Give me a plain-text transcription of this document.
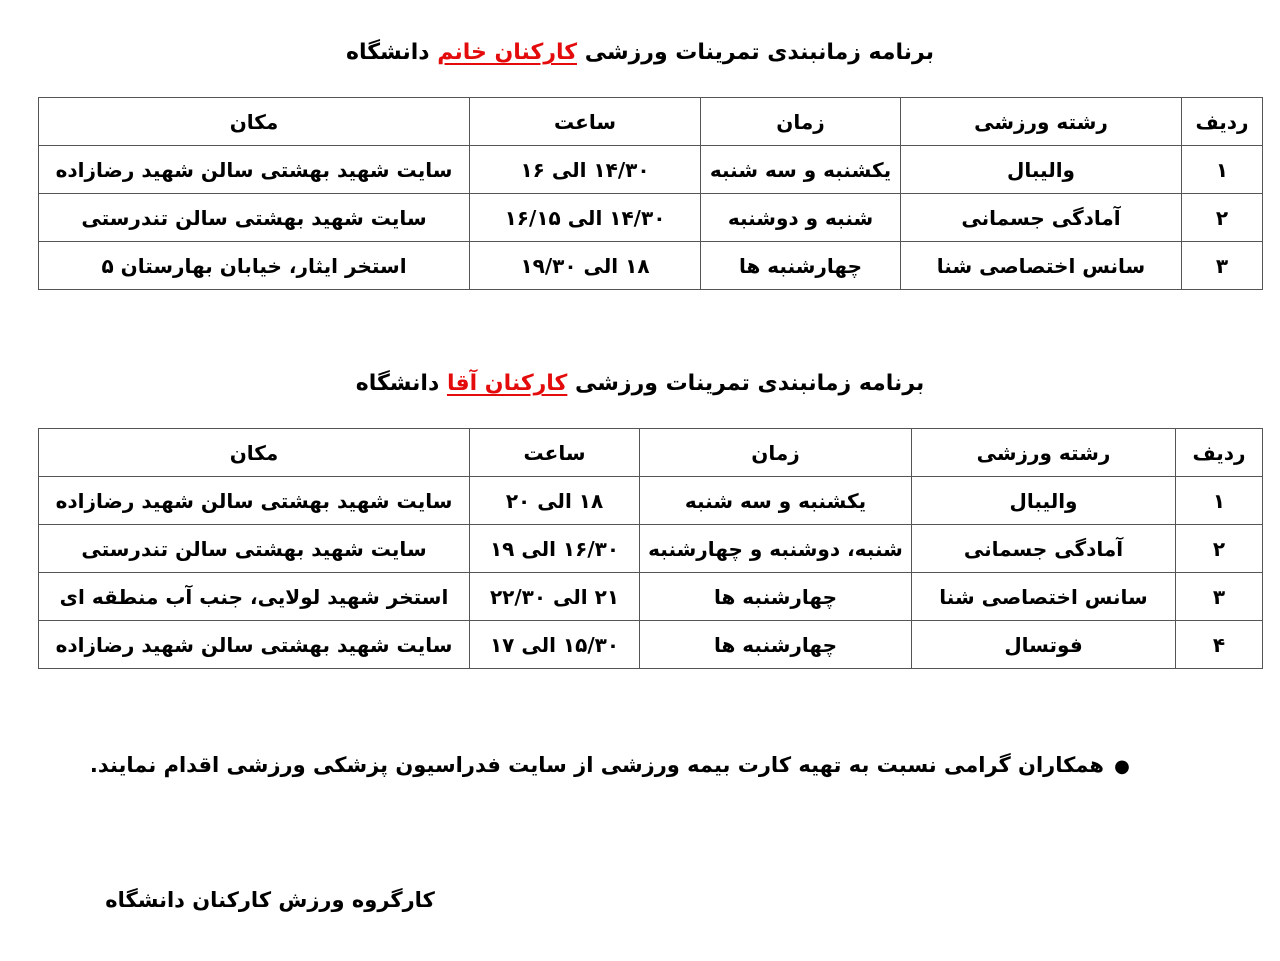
برنامه زمانبندی تمرینات ورزشی کارکنان خانم دانشگاه
ردیف	رشته ورزشی	زمان	ساعت	مکان
۱	والیبال	یکشنبه و سه شنبه	۱۴/۳۰ الی ۱۶	سایت شهید بهشتی سالن شهید رضازاده
۲	آمادگی جسمانی	شنبه و دوشنبه	۱۴/۳۰ الی ۱۶/۱۵	سایت شهید بهشتی سالن تندرستی
۳	سانس اختصاصی شنا	چهارشنبه ها	۱۸ الی ۱۹/۳۰	استخر ایثار، خیابان بهارستان ۵
برنامه زمانبندی تمرینات ورزشی کارکنان آقا دانشگاه
ردیف	رشته ورزشی	زمان	ساعت	مکان
۱	والیبال	یکشنبه و سه شنبه	۱۸ الی ۲۰	سایت شهید بهشتی سالن شهید رضازاده
۲	آمادگی جسمانی	شنبه، دوشنبه و چهارشنبه	۱۶/۳۰ الی ۱۹	سایت شهید بهشتی سالن تندرستی
۳	سانس اختصاصی شنا	چهارشنبه ها	۲۱ الی ۲۲/۳۰	استخر شهید لولایی، جنب آب منطقه ای
۴	فوتسال	چهارشنبه ها	۱۵/۳۰ الی ۱۷	سایت شهید بهشتی سالن شهید رضازاده
●همکاران گرامی نسبت به تهیه کارت بیمه ورزشی از سایت فدراسیون پزشکی ورزشی اقدام نمایند.
کارگروه ورزش کارکنان دانشگاه
